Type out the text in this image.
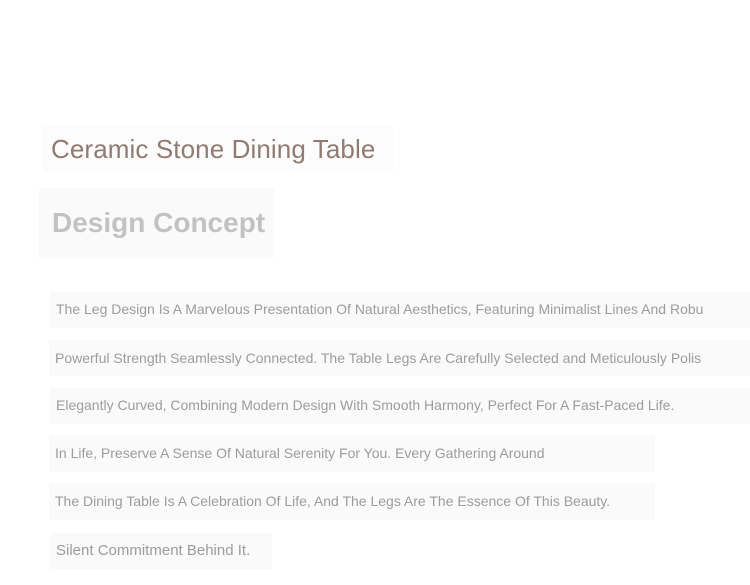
Ceramic Stone Dining Table
Design Concept

The Leg Design Is A Marvelous Presentation Of Natural Aesthetics, Featuring Minimalist Lines And Robu

Powerful Strength Seamlessly Connected. The Table Legs Are Carefully Selected and Meticulously Polis

Elegantly Curved, Combining Modern Design With Smooth Harmony, Perfect For A Fast-Paced Life.

In Life, Preserve A Sense Of Natural Serenity For You. Every Gathering Around

The Dining Table Is A Celebration Of Life, And The Legs Are The Essence Of This Beauty.

Silent Commitment Behind It.
